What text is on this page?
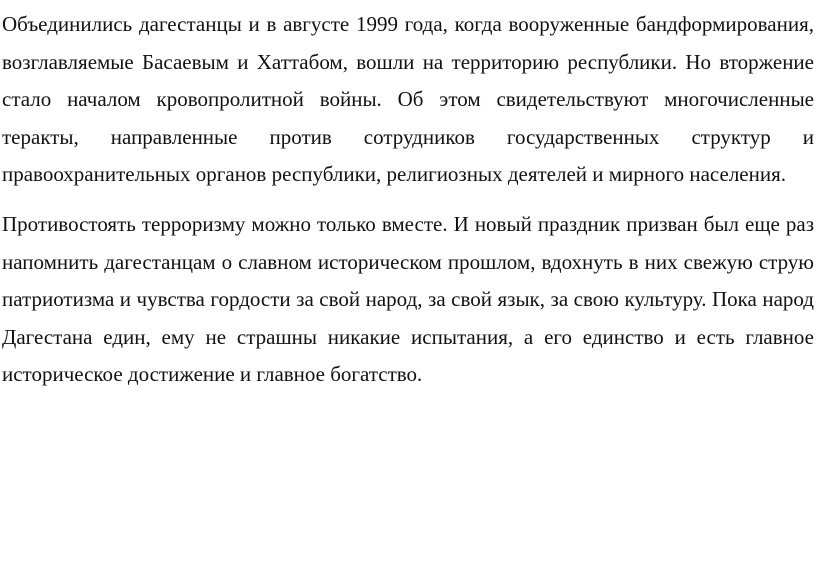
Объединились дагестанцы и в августе 1999 года, когда вооруженные бандформирования, возглавляемые Басаевым и Хаттабом, вошли на территорию республики. Но вторжение стало началом кровопролитной войны. Об этом свидетельствуют многочисленные теракты, направленные против сотрудников государственных структур и правоохранительных органов республики, религиозных деятелей и мирного населения.

Противостоять терроризму можно только вместе. И новый праздник призван был еще раз напомнить дагестанцам о славном историческом прошлом, вдохнуть в них свежую струю патриотизма и чувства гордости за свой народ, за свой язык, за свою культуру. Пока народ Дагестана един, ему не страшны никакие испытания, а его единство и есть главное историческое достижение и главное богатство.
